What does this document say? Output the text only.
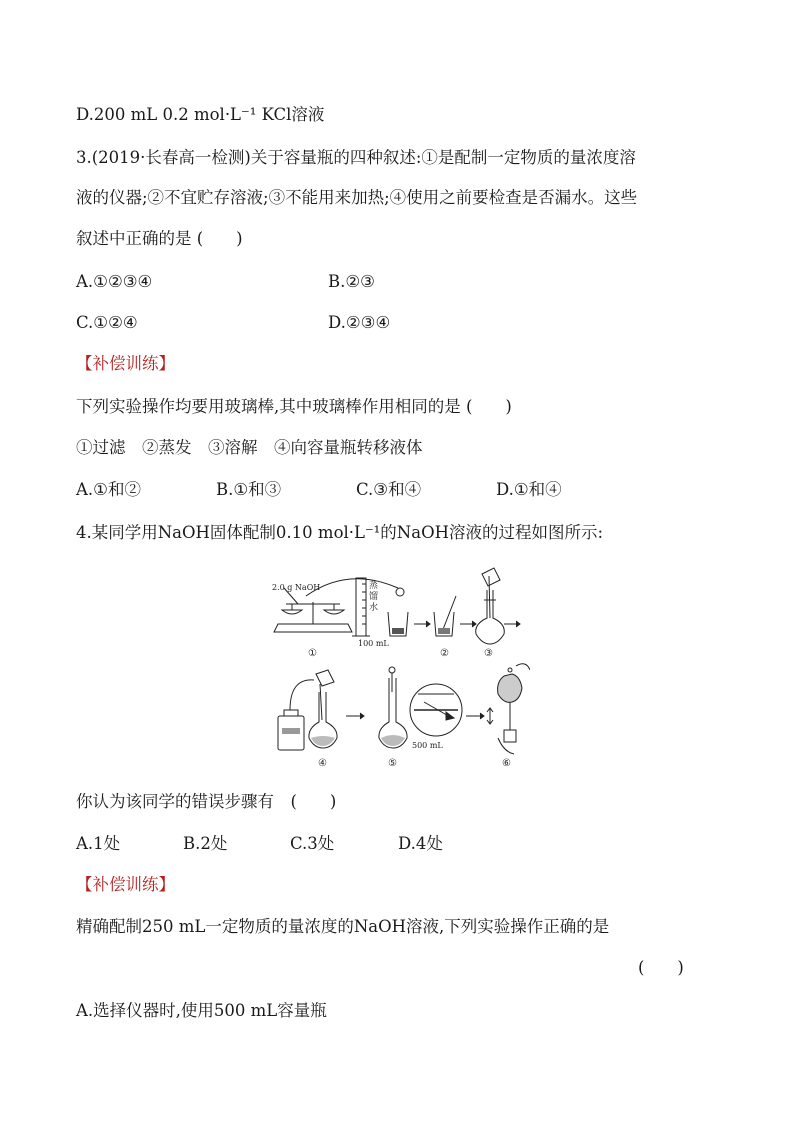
D.200 mL 0.2 mol·L⁻¹ KCl溶液
3.(2019·长春高一检测)关于容量瓶的四种叙述:①是配制一定物质的量浓度溶
液的仪器;②不宜贮存溶液;③不能用来加热;④使用之前要检查是否漏水。这些
叙述中正确的是 (　　)
A.①②③④	B.②③
C.①②④	D.②③④
【补偿训练】
下列实验操作均要用玻璃棒,其中玻璃棒作用相同的是 (　　)
①过滤　②蒸发　③溶解　④向容量瓶转移液体
A.①和②	B.①和③	C.③和④	D.①和④
4.某同学用NaOH固体配制0.10 mol·L⁻¹的NaOH溶液的过程如图所示:
2.0 g NaOH	蒸
馏
水
100 mL
500 mL
①	②	③
④	⑤	⑥
你认为该同学的错误步骤有　(　　)
A.1处	B.2处	C.3处	D.4处
【补偿训练】
精确配制250 mL一定物质的量浓度的NaOH溶液,下列实验操作正确的是
(　　)
A.选择仪器时,使用500 mL容量瓶
